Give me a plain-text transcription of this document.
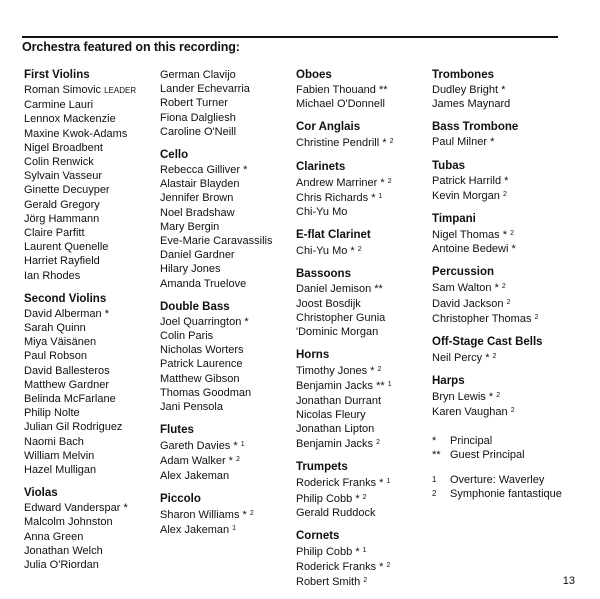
Orchestra featured on this recording:
First Violins
Roman Simovic LEADER
Carmine Lauri
Lennox Mackenzie
Maxine Kwok-Adams
Nigel Broadbent
Colin Renwick
Sylvain Vasseur
Ginette Decuyper
Gerald Gregory
Jörg Hammann
Claire Parfitt
Laurent Quenelle
Harriet Rayfield
Ian Rhodes
Second Violins
David Alberman *
Sarah Quinn
Miya Väisänen
Paul Robson
David Ballesteros
Matthew Gardner
Belinda McFarlane
Philip Nolte
Julian Gil Rodriguez
Naomi Bach
William Melvin
Hazel Mulligan
Violas
Edward Vanderspar *
Malcolm Johnston
Anna Green
Jonathan Welch
Julia O'Riordan
German Clavijo
Lander Echevarria
Robert Turner
Fiona Dalgliesh
Caroline O'Neill
Cello
Rebecca Gilliver *
Alastair Blayden
Jennifer Brown
Noel Bradshaw
Mary Bergin
Eve-Marie Caravassilis
Daniel Gardner
Hilary Jones
Amanda Truelove
Double Bass
Joel Quarrington *
Colin Paris
Nicholas Worters
Patrick Laurence
Matthew Gibson
Thomas Goodman
Jani Pensola
Flutes
Gareth Davies * $^1$
Adam Walker * $^2$
Alex Jakeman
Piccolo
Sharon Williams * $^2$
Alex Jakeman $^1$
Oboes
Fabien Thouand **
Michael O'Donnell
Cor Anglais
Christine Pendrill * $^2$
Clarinets
Andrew Marriner * $^2$
Chris Richards * $^1$
Chi-Yu Mo
E-flat Clarinet
Chi-Yu Mo * $^2$
Bassoons
Daniel Jemison **
Joost Bosdijk
Christopher Gunia
'Dominic Morgan
Horns
Timothy Jones * $^2$
Benjamin Jacks ** $^1$
Jonathan Durrant
Nicolas Fleury
Jonathan Lipton
Benjamin Jacks $^2$
Trumpets
Roderick Franks * $^1$
Philip Cobb * $^2$
Gerald Ruddock
Cornets
Philip Cobb * $^1$
Roderick Franks * $^2$
Robert Smith $^2$
Trombones
Dudley Bright *
James Maynard
Bass Trombone
Paul Milner *
Tubas
Patrick Harrild *
Kevin Morgan $^2$
Timpani
Nigel Thomas * $^2$
Antoine Bedewi *
Percussion
Sam Walton * $^2$
David Jackson $^2$
Christopher Thomas $^2$
Off-Stage Cast Bells
Neil Percy * $^2$
Harps
Bryn Lewis * $^2$
Karen Vaughan $^2$
*	Principal
** Guest Principal
1	Overture: Waverley
2	Symphonie fantastique
13
